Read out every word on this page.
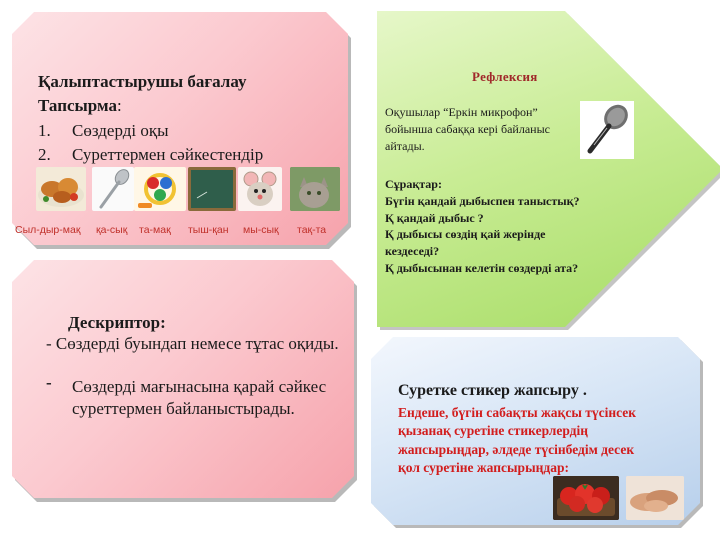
Қалыптастырушы бағалау
Тапсырма:
1.	Сөздерді оқы
2.	Суреттермен сәйкестендір
Сыл-дыр-мақ қа-сық та-мақ тыш-қан мы-сық тақ-та
Дескриптор:
- Сөздерді буындап немесе тұтас оқиды.
- Сөздерді мағынасына қарай сәйкес суреттермен байланыстырады.
Рефлексия
Оқушылар “Еркін микрофон”
бойынша сабаққа кері байланыс
айтады.
Сұрақтар:
Бүгін қандай дыбыспен таныстық?
Қ қандай дыбыс ?
Қ дыбысы сөздің қай жерінде
кездеседі?
Қ дыбысынан келетін сөздерді ата?
Суретке стикер жапсыру .
Ендеше, бүгін сабақты жақсы түсінсек
қызанақ суретіне стикерлердің
жапсырыңдар, әлдеде түсінбедім десек
қол суретіне жапсырыңдар:
